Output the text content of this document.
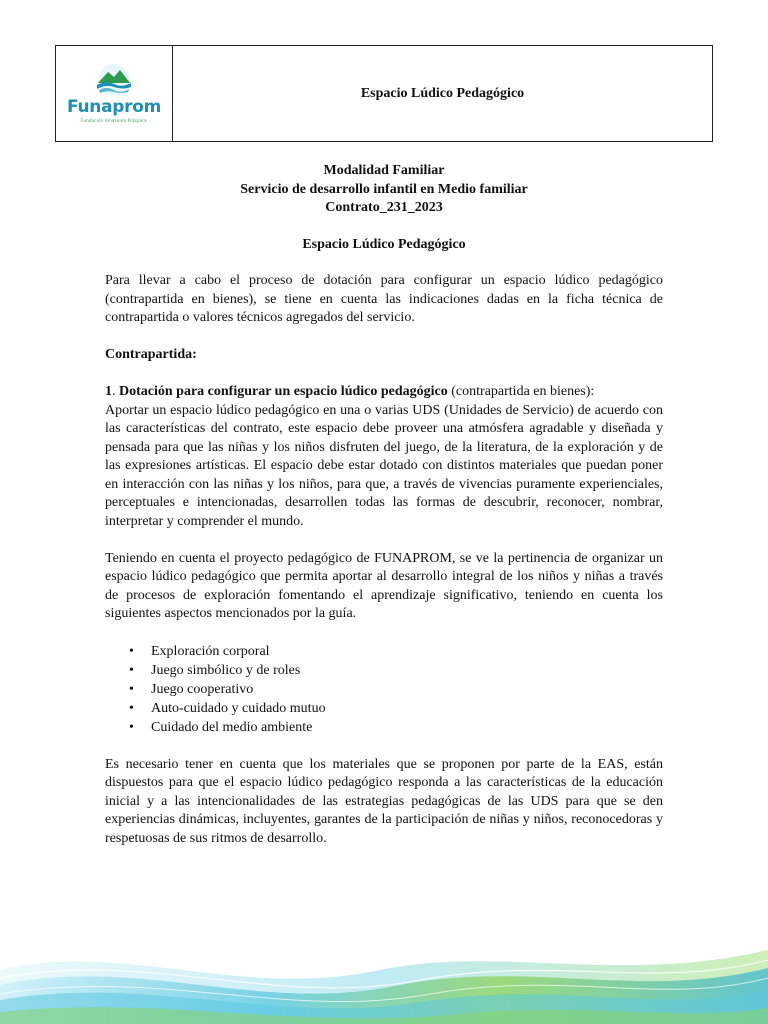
Funaprom
Fundación Amazonía Próspera
Espacio Lúdico Pedagógico

Modalidad Familiar

Servicio de desarrollo infantil en Medio familiar

Contrato_231_2023

Espacio Lúdico Pedagógico

Para llevar a cabo el proceso de dotación para configurar un espacio lúdico pedagógico (contrapartida en bienes), se tiene en cuenta las indicaciones dadas en la ficha técnica de contrapartida o valores técnicos agregados del servicio.

Contrapartida:

1. Dotación para configurar un espacio lúdico pedagógico (contrapartida en bienes):

Aportar un espacio lúdico pedagógico en una o varias UDS (Unidades de Servicio) de acuerdo con las características del contrato, este espacio debe proveer una atmósfera agradable y diseñada y pensada para que las niñas y los niños disfruten del juego, de la literatura, de la exploración y de las expresiones artísticas. El espacio debe estar dotado con distintos materiales que puedan poner en interacción con las niñas y los niños, para que, a través de vivencias puramente experienciales, perceptuales e intencionadas, desarrollen todas las formas de descubrir, reconocer, nombrar, interpretar y comprender el mundo.

Teniendo en cuenta el proyecto pedagógico de FUNAPROM, se ve la pertinencia de organizar un espacio lúdico pedagógico que permita aportar al desarrollo integral de los niños y niñas a través de procesos de exploración fomentando el aprendizaje significativo, teniendo en cuenta los siguientes aspectos mencionados por la guía.

• Exploración corporal
• Juego simbólico y de roles
• Juego cooperativo
• Auto-cuidado y cuidado mutuo
• Cuidado del medio ambiente

Es necesario tener en cuenta que los materiales que se proponen por parte de la EAS, están dispuestos para que el espacio lúdico pedagógico responda a las características de la educación inicial y a las intencionalidades de las estrategias pedagógicas de las UDS para que se den experiencias dinámicas, incluyentes, garantes de la participación de niñas y niños, reconocedoras y respetuosas de sus ritmos de desarrollo.
